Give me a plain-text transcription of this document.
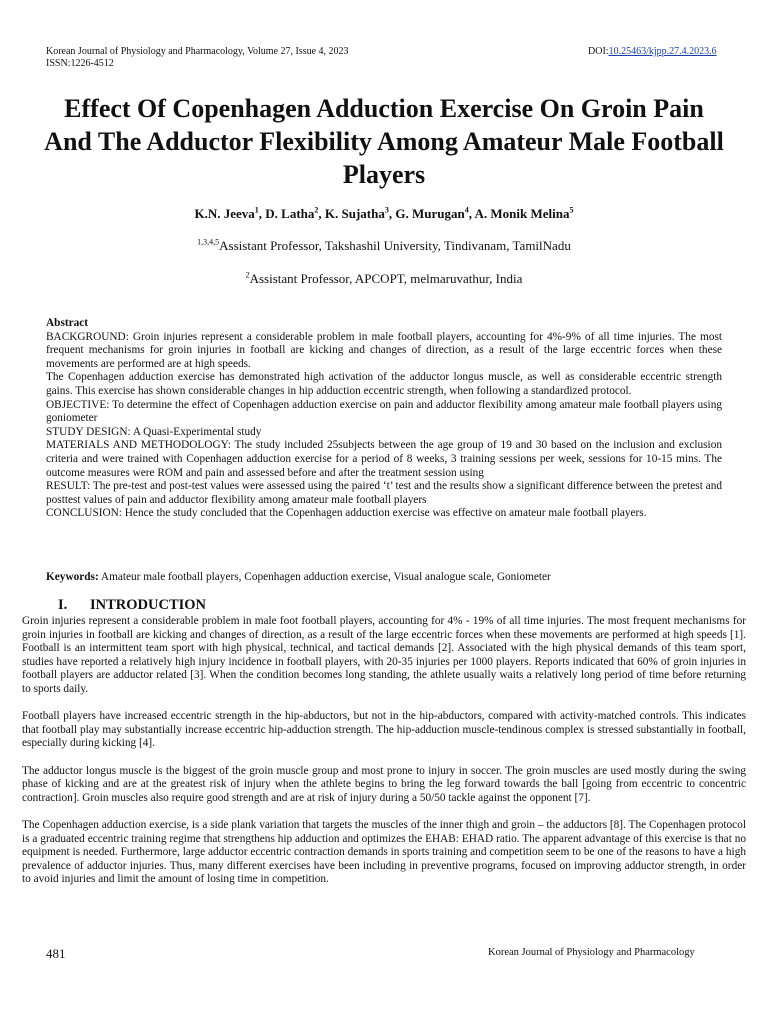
Korean Journal of Physiology and Pharmacology, Volume 27, Issue 4, 2023
ISSN:1226-4512
DOI:10.25463/kjpp.27.4.2023.6
Effect Of Copenhagen Adduction Exercise On Groin Pain And The Adductor Flexibility Among Amateur Male Football Players
K.N. Jeeva$^1$, D. Latha$^2$, K. Sujatha$^3$, G. Murugan$^4$, A. Monik Melina$^5$
$^{1,3,4,5}$Assistant Professor, Takshashil University, Tindivanam, TamilNadu
$^2$Assistant Professor, APCOPT, melmaruvathur, India

Abstract

BACKGROUND: Groin injuries represent a considerable problem in male football players, accounting for 4%-9% of all time injuries. The most frequent mechanisms for groin injuries in football are kicking and changes of direction, as a result of the large eccentric forces when these movements are performed are at high speeds.

The Copenhagen adduction exercise has demonstrated high activation of the adductor longus muscle, as well as considerable eccentric strength gains. This exercise has shown considerable changes in hip adduction eccentric strength, when following a standardized protocol.

OBJECTIVE: To determine the effect of Copenhagen adduction exercise on pain and adductor flexibility among amateur male football players using goniometer

STUDY DESIGN: A Quasi-Experimental study

MATERIALS AND METHODOLOGY: The study included 25subjects between the age group of 19 and 30 based on the inclusion and exclusion criteria and were trained with Copenhagen adduction exercise for a period of 8 weeks, 3 training sessions per week, sessions for 10-15 mins. The outcome measures were ROM and pain and assessed before and after the treatment session using

RESULT: The pre-test and post-test values were assessed using the paired ‘t’ test and the results show a significant difference between the pretest and posttest values of pain and adductor flexibility among amateur male football players

CONCLUSION: Hence the study concluded that the Copenhagen adduction exercise was effective on amateur male football players.

Keywords: Amateur male football players, Copenhagen adduction exercise, Visual analogue scale, Goniometer
I. INTRODUCTION

Groin injuries represent a considerable problem in male foot football players, accounting for 4% - 19% of all time injuries. The most frequent mechanisms for groin injuries in football are kicking and changes of direction, as a result of the large eccentric forces when these movements are performed at high speeds [1]. Football is an intermittent team sport with high physical, technical, and tactical demands [2]. Associated with the high physical demands of this team sport, studies have reported a relatively high injury incidence in football players, with 20-35 injuries per 1000 players. Reports indicated that 60% of groin injuries in football players are adductor related [3]. When the condition becomes long standing, the athlete usually waits a relatively long period of time before returning to sports daily.

Football players have increased eccentric strength in the hip-abductors, but not in the hip-abductors, compared with activity-matched controls. This indicates that football play may substantially increase eccentric hip-adduction strength. The hip-adduction muscle-tendinous complex is stressed substantially in football, especially during kicking [4].

The adductor longus muscle is the biggest of the groin muscle group and most prone to injury in soccer. The groin muscles are used mostly during the swing phase of kicking and are at the greatest risk of injury when the athlete begins to bring the leg forward towards the ball [going from eccentric to concentric contraction]. Groin muscles also require good strength and are at risk of injury during a 50/50 tackle against the opponent [7].

The Copenhagen adduction exercise, is a side plank variation that targets the muscles of the inner thigh and groin – the adductors [8]. The Copenhagen protocol is a graduated eccentric training regime that strengthens hip adduction and optimizes the EHAB: EHAD ratio. The apparent advantage of this exercise is that no equipment is needed. Furthermore, large adductor eccentric contraction demands in sports training and competition seem to be one of the reasons to have a high prevalence of adductor injuries. Thus, many different exercises have been including in preventive programs, focused on improving adductor strength, in order to avoid injuries and limit the amount of losing time in competition.

481	Korean Journal of Physiology and Pharmacology
